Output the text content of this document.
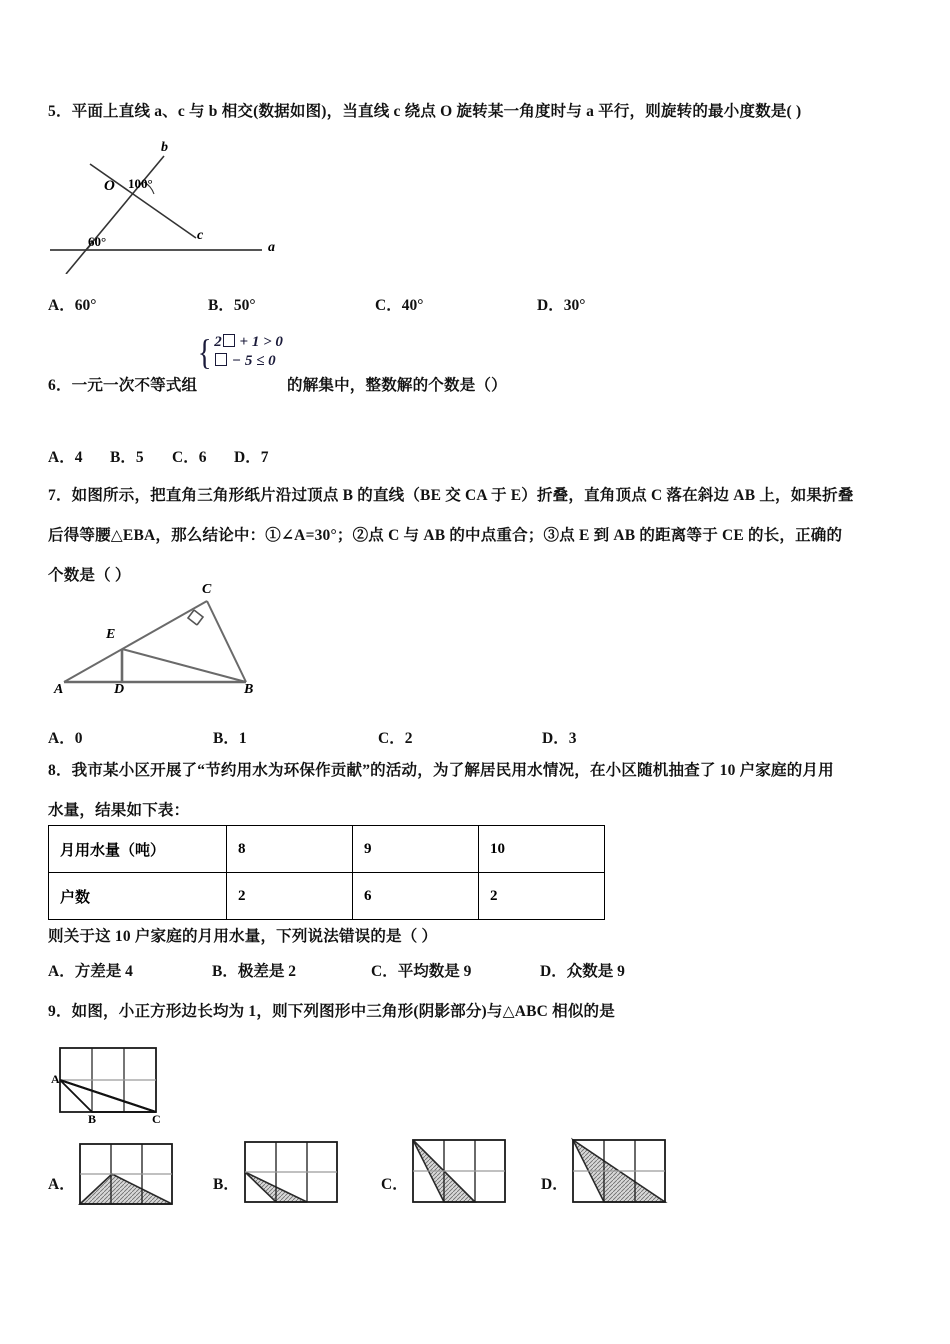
5．平面上直线 a、c 与 b 相交(数据如图)，当直线 c 绕点 O 旋转某一角度时与 a 平行，则旋转的最小度数是( )
b
c
a
O 100°
60°
A．60°	B．50°	C．40°	D．30°
{ 2 + 1 > 0
− 5 ≤ 0
6．一元一次不等式组	的解集中，整数解的个数是（）
A．4 B．5 C．6 D．7
7．如图所示，把直角三角形纸片沿过顶点 B 的直线（BE 交 CA 于 E）折叠，直角顶点 C 落在斜边 AB 上，如果折叠
后得等腰△EBA，那么结论中：①∠A=30°；②点 C 与 AB 的中点重合；③点 E 到 AB 的距离等于 CE 的长，正确的
个数是（ ）
A	D	B
E
C
A．0	B．1	C．2	D．3
8．我市某小区开展了“节约用水为环保作贡献”的活动，为了解居民用水情况，在小区随机抽查了 10 户家庭的月用
水量，结果如下表：
月用水量（吨）	8	9	10
户数	2	6	2
则关于这 10 户家庭的月用水量，下列说法错误的是（ ）
A．方差是 4	B．极差是 2	C．平均数是 9	D．众数是 9
9．如图，小正方形边长均为 1，则下列图形中三角形(阴影部分)与△ABC 相似的是
A
B	C
A．	B．	C．	D．
